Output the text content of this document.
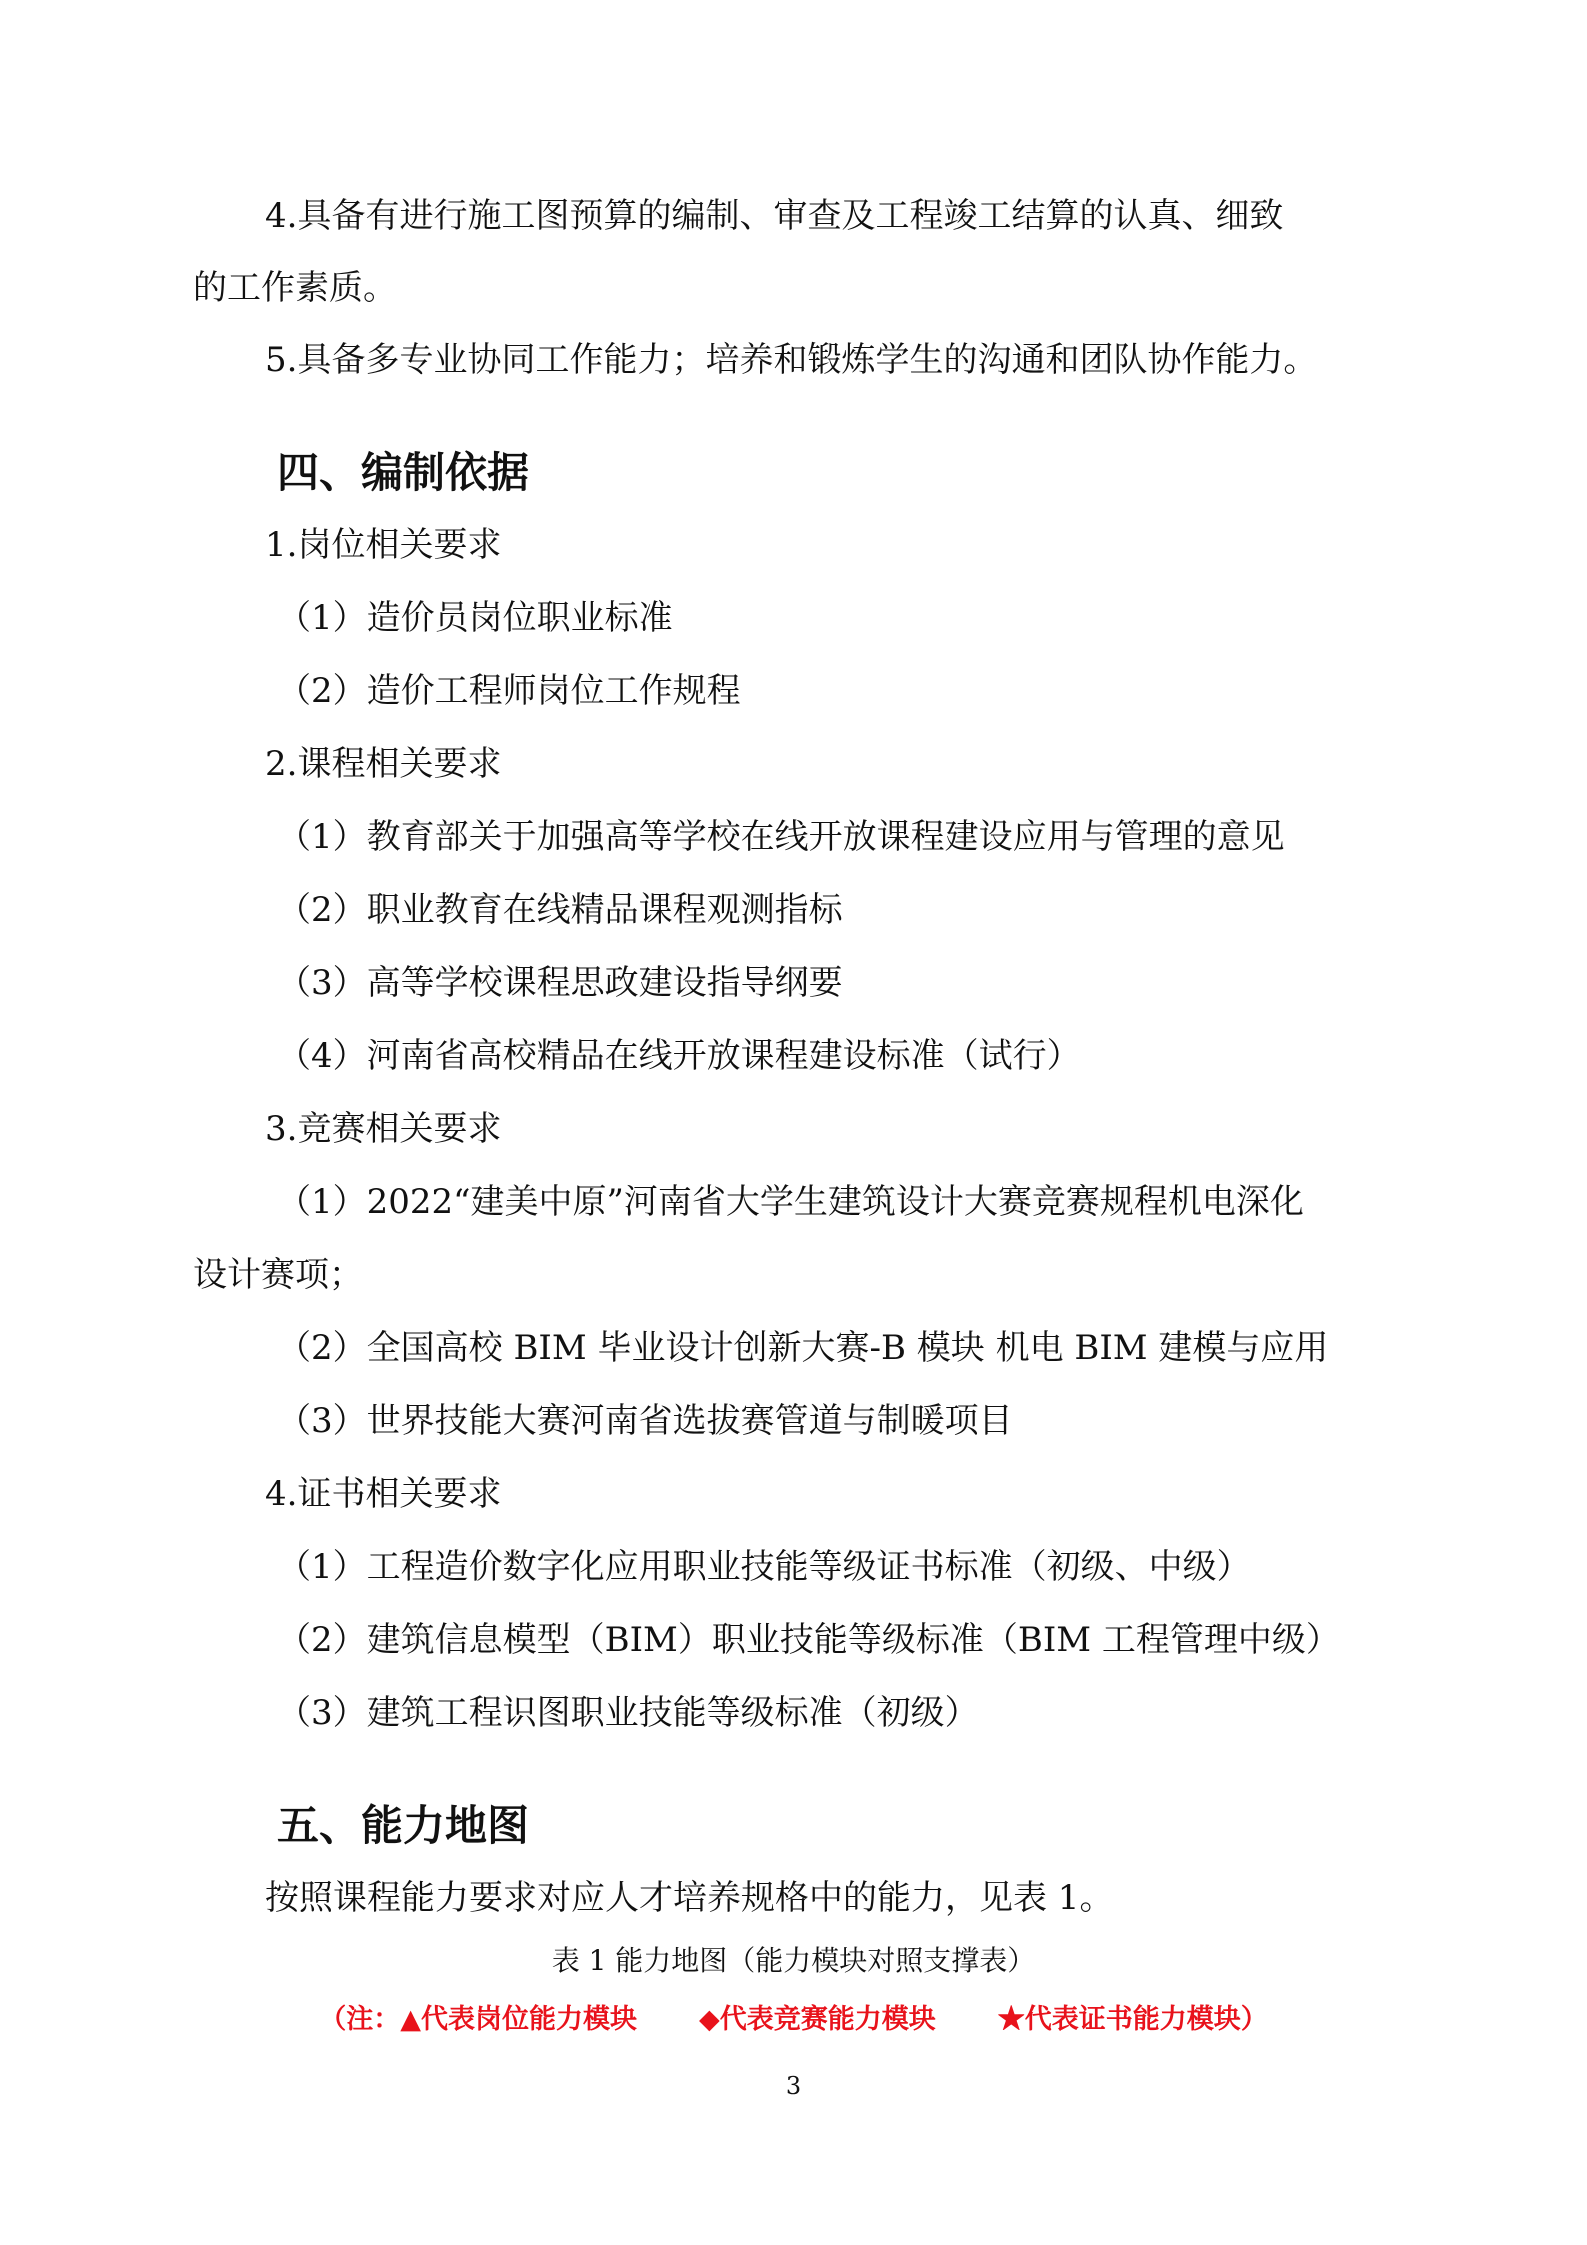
4.具备有进行施工图预算的编制、审查及工程竣工结算的认真、细致
的工作素质。
5.具备多专业协同工作能力；培养和锻炼学生的沟通和团队协作能力。
四、编制依据
1.岗位相关要求
（1）造价员岗位职业标准
（2）造价工程师岗位工作规程
2.课程相关要求
（1）教育部关于加强高等学校在线开放课程建设应用与管理的意见
（2）职业教育在线精品课程观测指标
（3）高等学校课程思政建设指导纲要
（4）河南省高校精品在线开放课程建设标准（试行）
3.竞赛相关要求
（1）2022“建美中原”河南省大学生建筑设计大赛竞赛规程机电深化
设计赛项；
（2）全国高校 BIM 毕业设计创新大赛-B 模块 机电 BIM 建模与应用
（3）世界技能大赛河南省选拔赛管道与制暖项目
4.证书相关要求
（1）工程造价数字化应用职业技能等级证书标准（初级、中级）
（2）建筑信息模型（BIM）职业技能等级标准（BIM 工程管理中级）
（3）建筑工程识图职业技能等级标准（初级）
五、能力地图
按照课程能力要求对应人才培养规格中的能力，见表 1。
表 1 能力地图（能力模块对照支撑表）
（注：▲代表岗位能力模块 ◆代表竞赛能力模块 ★代表证书能力模块）
3
